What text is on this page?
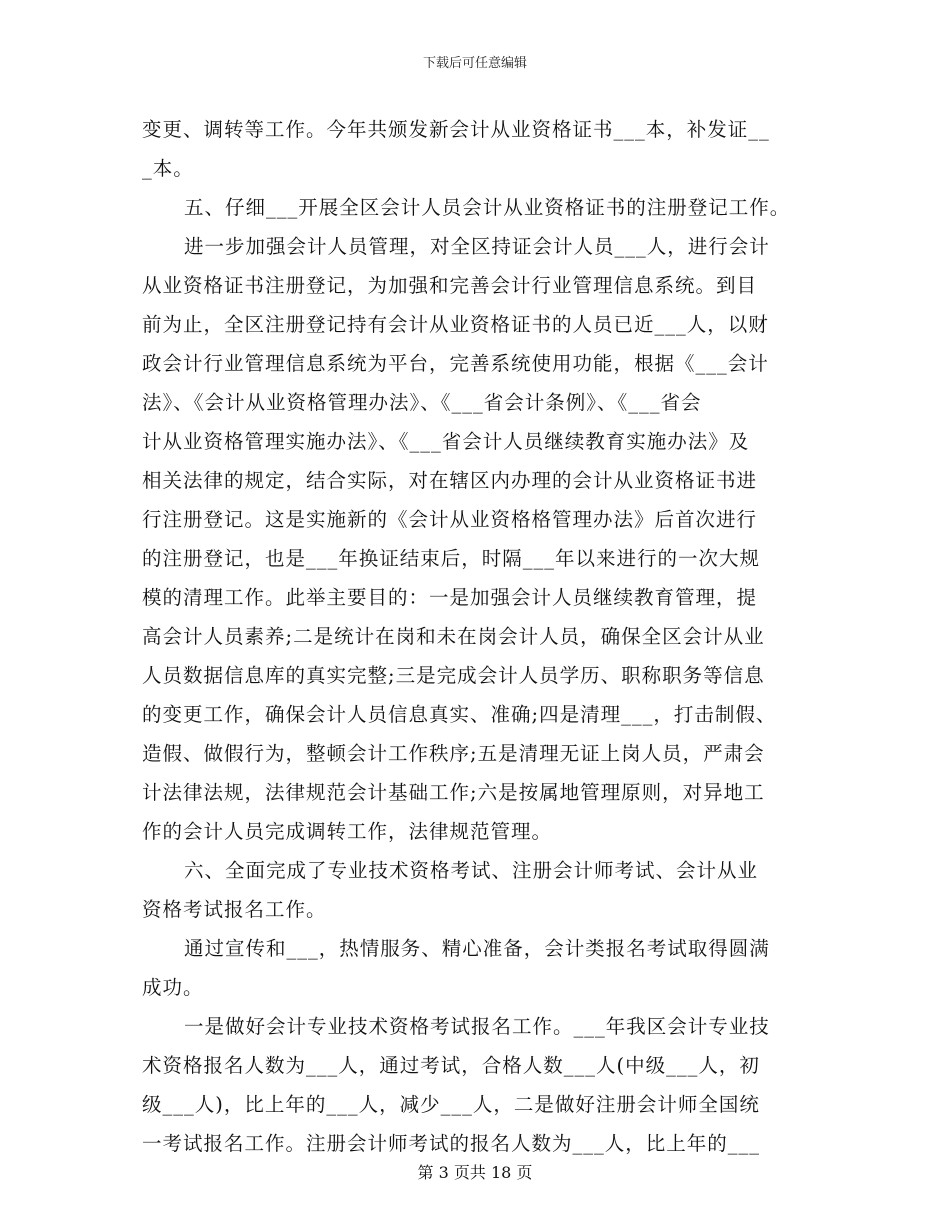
下载后可任意编辑
变更、调转等工作。今年共颁发新会计从业资格证书___本，补发证__
_本。
五、仔细___开展全区会计人员会计从业资格证书的注册登记工作。
进一步加强会计人员管理，对全区持证会计人员___人，进行会计
从业资格证书注册登记，为加强和完善会计行业管理信息系统。到目
前为止，全区注册登记持有会计从业资格证书的人员已近___人，以财
政会计行业管理信息系统为平台，完善系统使用功能，根据《___会计
法》、《会计从业资格管理办法》、《___省会计条例》、《___省会
计从业资格管理实施办法》、《___省会计人员继续教育实施办法》及
相关法律的规定，结合实际，对在辖区内办理的会计从业资格证书进
行注册登记。这是实施新的《会计从业资格格管理办法》后首次进行
的注册登记，也是___年换证结束后，时隔___年以来进行的一次大规
模的清理工作。此举主要目的：一是加强会计人员继续教育管理，提
高会计人员素养;二是统计在岗和未在岗会计人员，确保全区会计从业
人员数据信息库的真实完整;三是完成会计人员学历、职称职务等信息
的变更工作，确保会计人员信息真实、准确;四是清理___，打击制假、
造假、做假行为，整顿会计工作秩序;五是清理无证上岗人员，严肃会
计法律法规，法律规范会计基础工作;六是按属地管理原则，对异地工
作的会计人员完成调转工作，法律规范管理。
六、全面完成了专业技术资格考试、注册会计师考试、会计从业
资格考试报名工作。
通过宣传和___，热情服务、精心准备，会计类报名考试取得圆满
成功。
一是做好会计专业技术资格考试报名工作。___年我区会计专业技
术资格报名人数为___人，通过考试，合格人数___人(中级___人，初
级___人)，比上年的___人，减少___人，二是做好注册会计师全国统
一考试报名工作。注册会计师考试的报名人数为___人，比上年的___
第 3 页共 18 页
